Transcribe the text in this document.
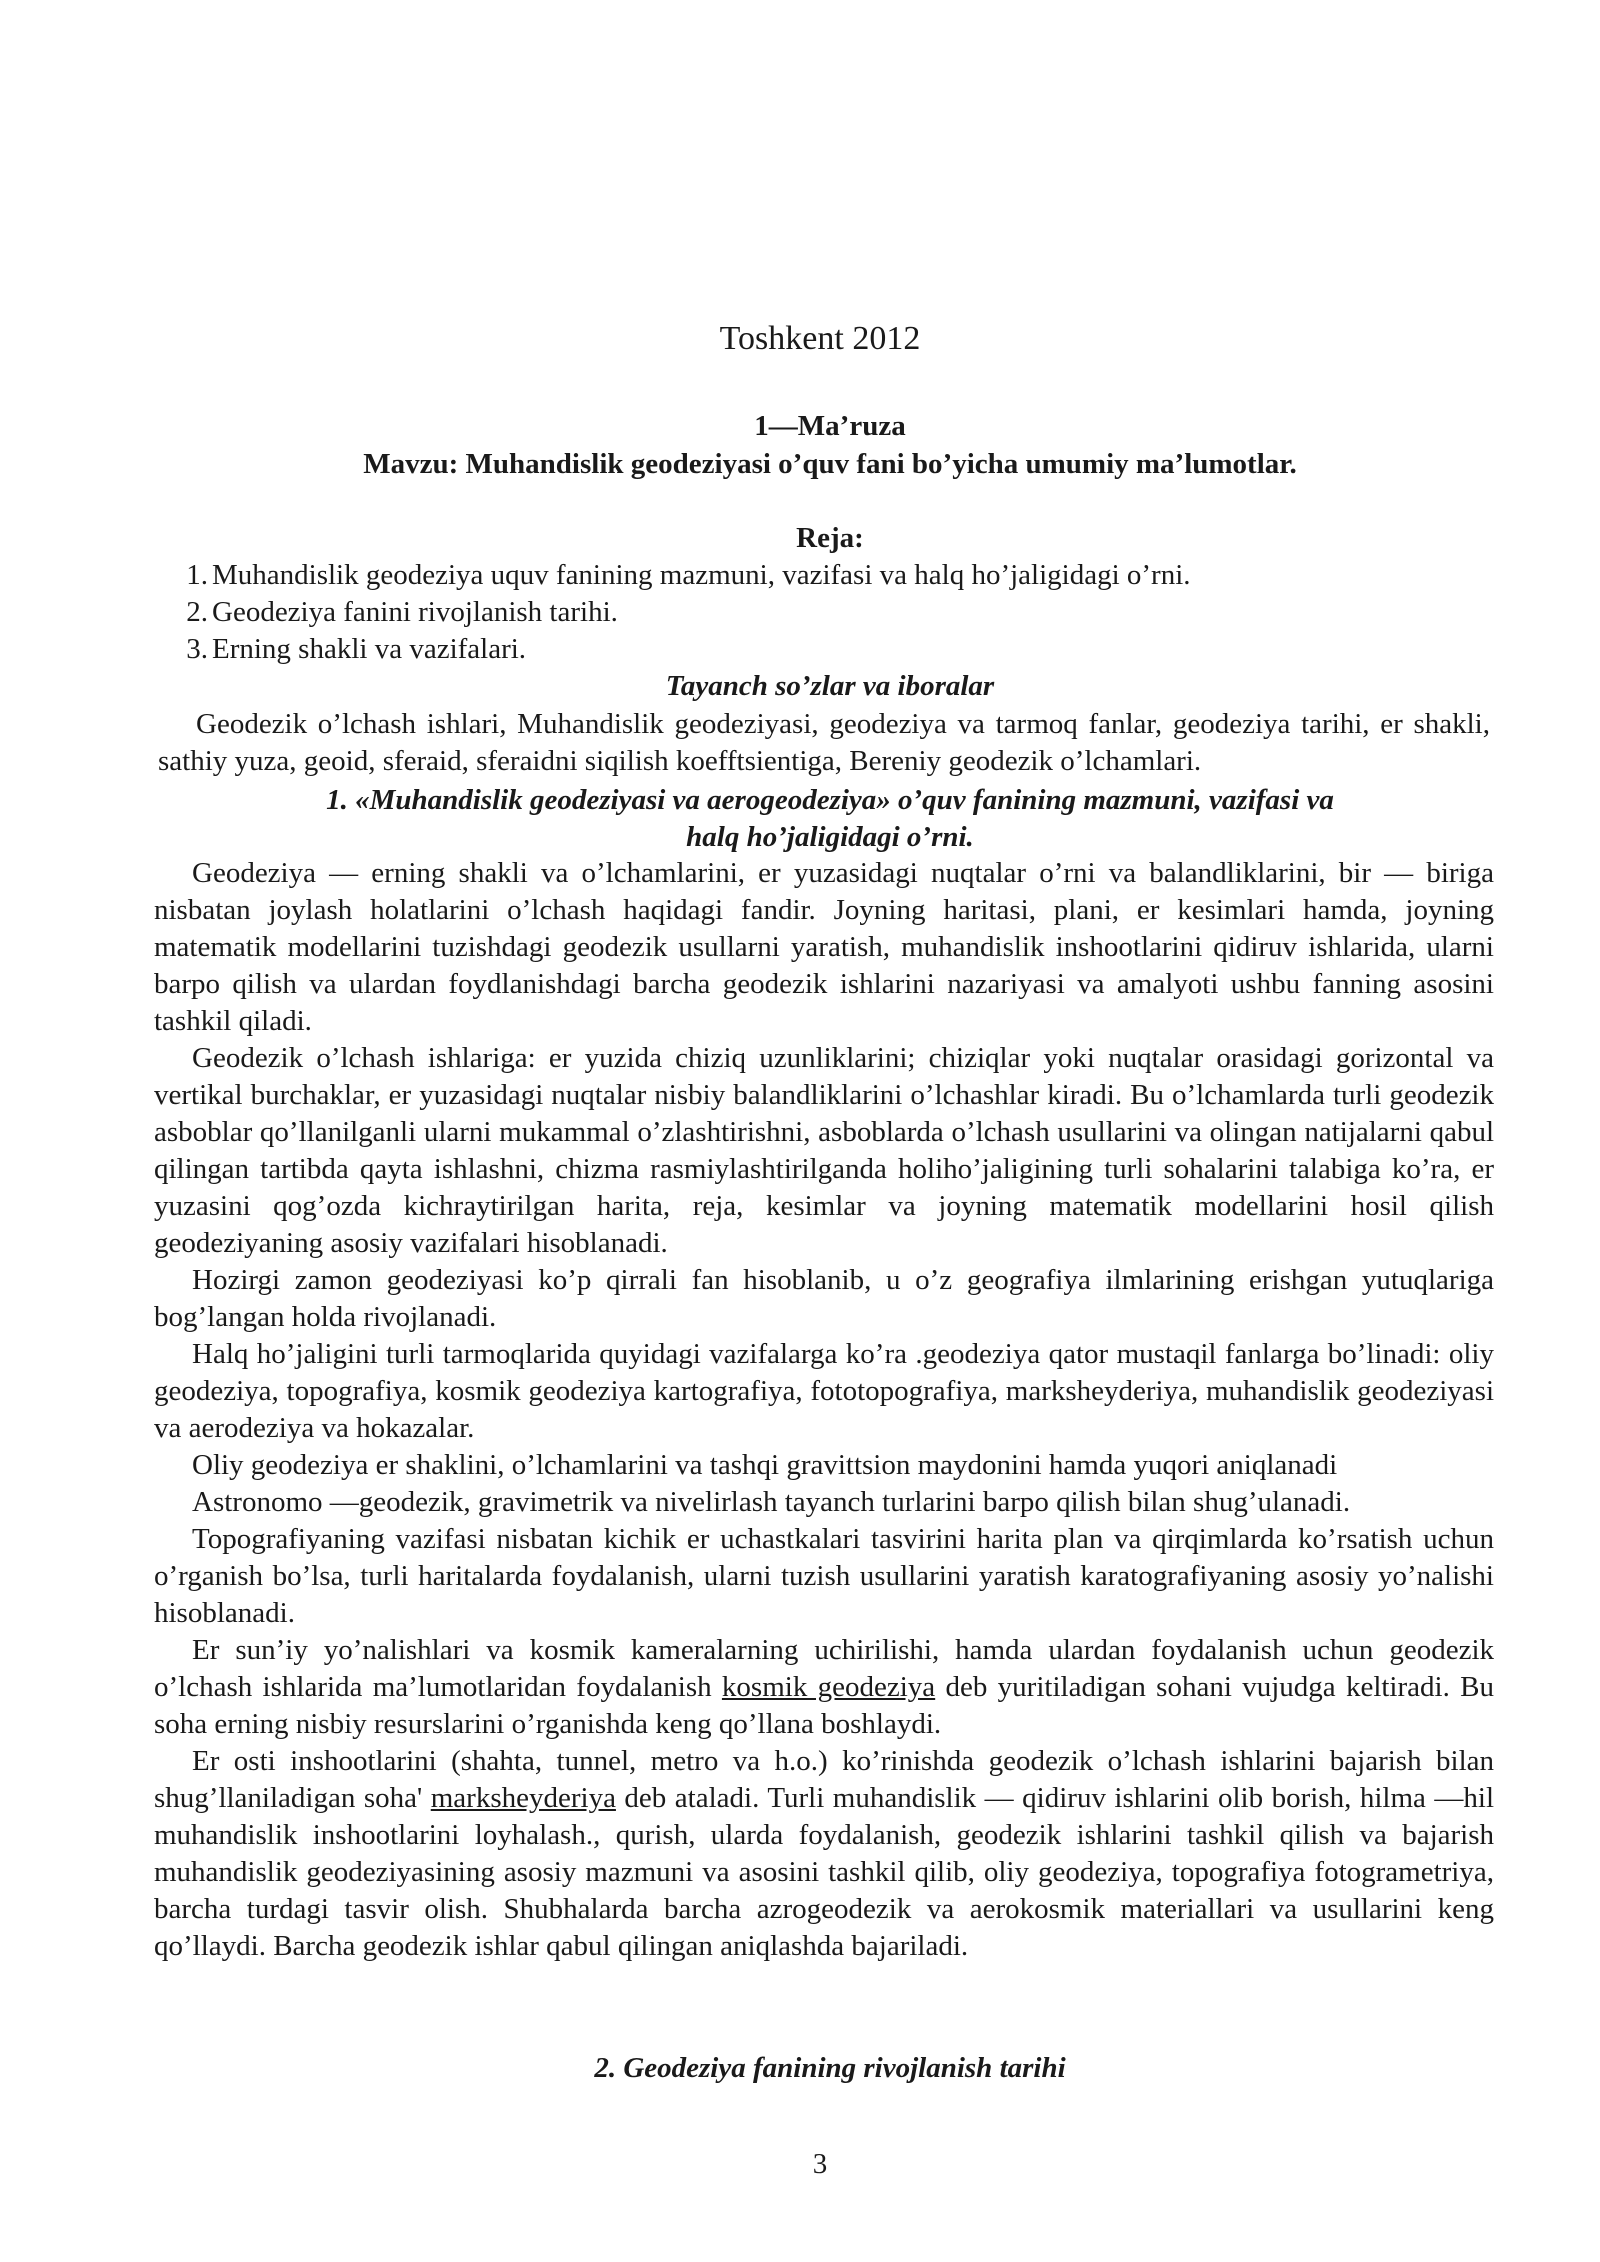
Toshkent 2012
1—Ma’ruza
Mavzu: Muhandislik geodeziyasi o’quv fani bo’yicha umumiy ma’lumotlar.
Reja:
1. Muhandislik geodeziya uquv fanining mazmuni, vazifasi va halq ho’jaligidagi o’rni.
2. Geodeziya fanini rivojlanish tarihi.
3. Erning shakli va vazifalari.
Tayanch so’zlar va iboralar

Geodezik o’lchash ishlari, Muhandislik geodeziyasi, geodeziya va tarmoq fanlar, geodeziya tarihi, er shakli, sathiy yuza, geoid, sferaid, sferaidni siqilish koefftsientiga, Bereniy geodezik o’lchamlari.

1. «Muhandislik geodeziyasi va aerogeodeziya» o’quv fanining mazmuni, vazifasi va
halq ho’jaligidagi o’rni.

Geodeziya — erning shakli va o’lchamlarini, er yuzasidagi nuqtalar o’rni va balandliklarini, bir — biriga nisbatan joylash holatlarini o’lchash haqidagi fandir. Joyning haritasi, plani, er kesimlari hamda, joyning matematik modellarini tuzishdagi geodezik usullarni yaratish, muhandislik inshootlarini qidiruv ishlarida, ularni barpo qilish va ulardan foydlanishdagi barcha geodezik ishlarini nazariyasi va amalyoti ushbu fanning asosini tashkil qiladi.

Geodezik o’lchash ishlariga: er yuzida chiziq uzunliklarini; chiziqlar yoki nuqtalar orasidagi gorizontal va vertikal burchaklar, er yuzasidagi nuqtalar nisbiy balandliklarini o’lchashlar kiradi. Bu o’lchamlarda turli geodezik asboblar qo’llanilganli ularni mukammal o’zlashtirishni, asboblarda o’lchash usullarini va olingan natijalarni qabul qilingan tartibda qayta ishlashni, chizma rasmiylashtirilganda holiho’jaligining turli sohalarini talabiga ko’ra, er yuzasini qog’ozda kichraytirilgan harita, reja, kesimlar va joyning matematik modellarini hosil qilish geodeziyaning asosiy vazifalari hisoblanadi.

Hozirgi zamon geodeziyasi ko’p qirrali fan hisoblanib, u o’z geografiya ilmlarining erishgan yutuqlariga bog’langan holda rivojlanadi.

Halq ho’jaligini turli tarmoqlarida quyidagi vazifalarga ko’ra .geodeziya qator mustaqil fanlarga bo’linadi: oliy geodeziya, topografiya, kosmik geodeziya kartografiya, fototopografiya, marksheyderiya, muhandislik geodeziyasi va aerodeziya va hokazalar.

Oliy geodeziya er shaklini, o’lchamlarini va tashqi gravittsion maydonini hamda yuqori aniqlanadi

Astronomo —geodezik, gravimetrik va nivelirlash tayanch turlarini barpo qilish bilan shug’ulanadi.

Topografiyaning vazifasi nisbatan kichik er uchastkalari tasvirini harita plan va qirqimlarda ko’rsatish uchun o’rganish bo’lsa, turli haritalarda foydalanish, ularni tuzish usullarini yaratish karatografiyaning asosiy yo’nalishi hisoblanadi.

Er sun’iy yo’nalishlari va kosmik kameralarning uchirilishi, hamda ulardan foydalanish uchun geodezik o’lchash ishlarida ma’lumotlaridan foydalanish kosmik geodeziya deb yuritiladigan sohani vujudga keltiradi. Bu soha erning nisbiy resurslarini o’rganishda keng qo’llana boshlaydi.

Er osti inshootlarini (shahta, tunnel, metro va h.o.) ko’rinishda geodezik o’lchash ishlarini bajarish bilan shug’llaniladigan soha' marksheyderiya deb ataladi. Turli muhandislik — qidiruv ishlarini olib borish, hilma —hil muhandislik inshootlarini loyhalash., qurish, ularda foydalanish, geodezik ishlarini tashkil qilish va bajarish muhandislik geodeziyasining asosiy mazmuni va asosini tashkil qilib, oliy geodeziya, topografiya fotogrametriya, barcha turdagi tasvir olish. Shubhalarda barcha azrogeodezik va aerokosmik materiallari va usullarini keng qo’llaydi. Barcha geodezik ishlar qabul qilingan aniqlashda bajariladi.

2. Geodeziya fanining rivojlanish tarihi
3
